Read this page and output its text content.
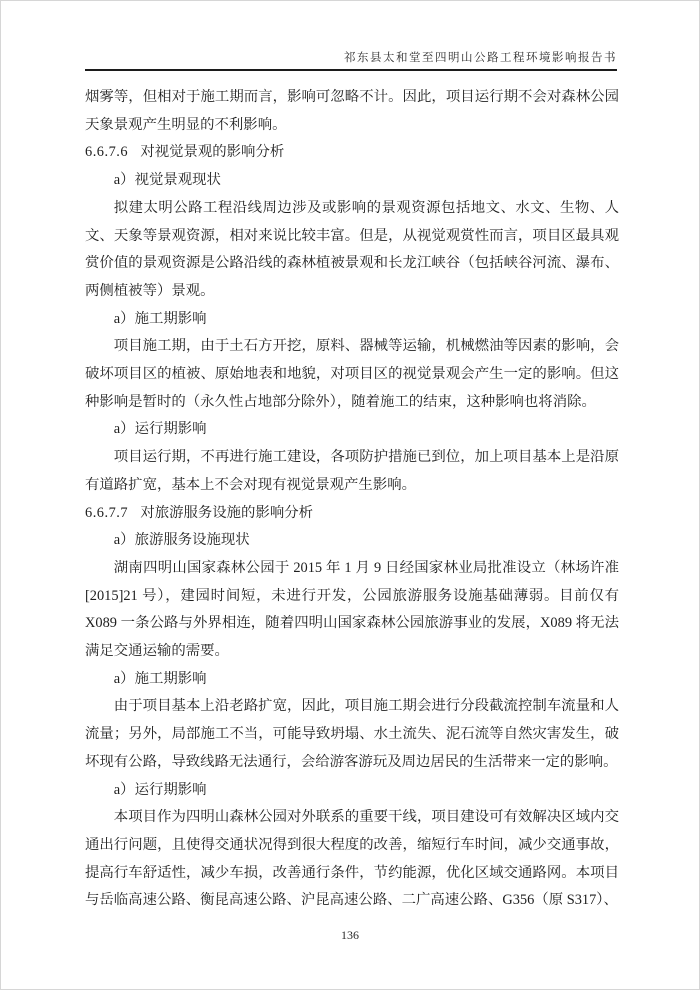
祁东县太和堂至四明山公路工程环境影响报告书

烟雾等，但相对于施工期而言，影响可忽略不计。因此，项目运行期不会对森林公园天象景观产生明显的不利影响。

6.6.7.6 对视觉景观的影响分析

a）视觉景观现状

拟建太明公路工程沿线周边涉及或影响的景观资源包括地文、水文、生物、人文、天象等景观资源，相对来说比较丰富。但是，从视觉观赏性而言，项目区最具观赏价值的景观资源是公路沿线的森林植被景观和长龙江峡谷（包括峡谷河流、瀑布、两侧植被等）景观。

a）施工期影响

项目施工期，由于土石方开挖，原料、器械等运输，机械燃油等因素的影响，会破坏项目区的植被、原始地表和地貌，对项目区的视觉景观会产生一定的影响。但这种影响是暂时的（永久性占地部分除外），随着施工的结束，这种影响也将消除。

a）运行期影响

项目运行期，不再进行施工建设，各项防护措施已到位，加上项目基本上是沿原有道路扩宽，基本上不会对现有视觉景观产生影响。

6.6.7.7 对旅游服务设施的影响分析

a）旅游服务设施现状

湖南四明山国家森林公园于 2015 年 1 月 9 日经国家林业局批准设立（林场许准[2015]21 号），建园时间短，未进行开发，公园旅游服务设施基础薄弱。目前仅有X089 一条公路与外界相连，随着四明山国家森林公园旅游事业的发展，X089 将无法满足交通运输的需要。

a）施工期影响

由于项目基本上沿老路扩宽，因此，项目施工期会进行分段截流控制车流量和人流量；另外，局部施工不当，可能导致坍塌、水土流失、泥石流等自然灾害发生，破坏现有公路，导致线路无法通行，会给游客游玩及周边居民的生活带来一定的影响。

a）运行期影响

本项目作为四明山森林公园对外联系的重要干线，项目建设可有效解决区域内交通出行问题，且使得交通状况得到很大程度的改善，缩短行车时间，减少交通事故，提高行车舒适性，减少车损，改善通行条件，节约能源，优化区域交通路网。本项目与岳临高速公路、衡昆高速公路、沪昆高速公路、二广高速公路、G356（原 S317）、

136
